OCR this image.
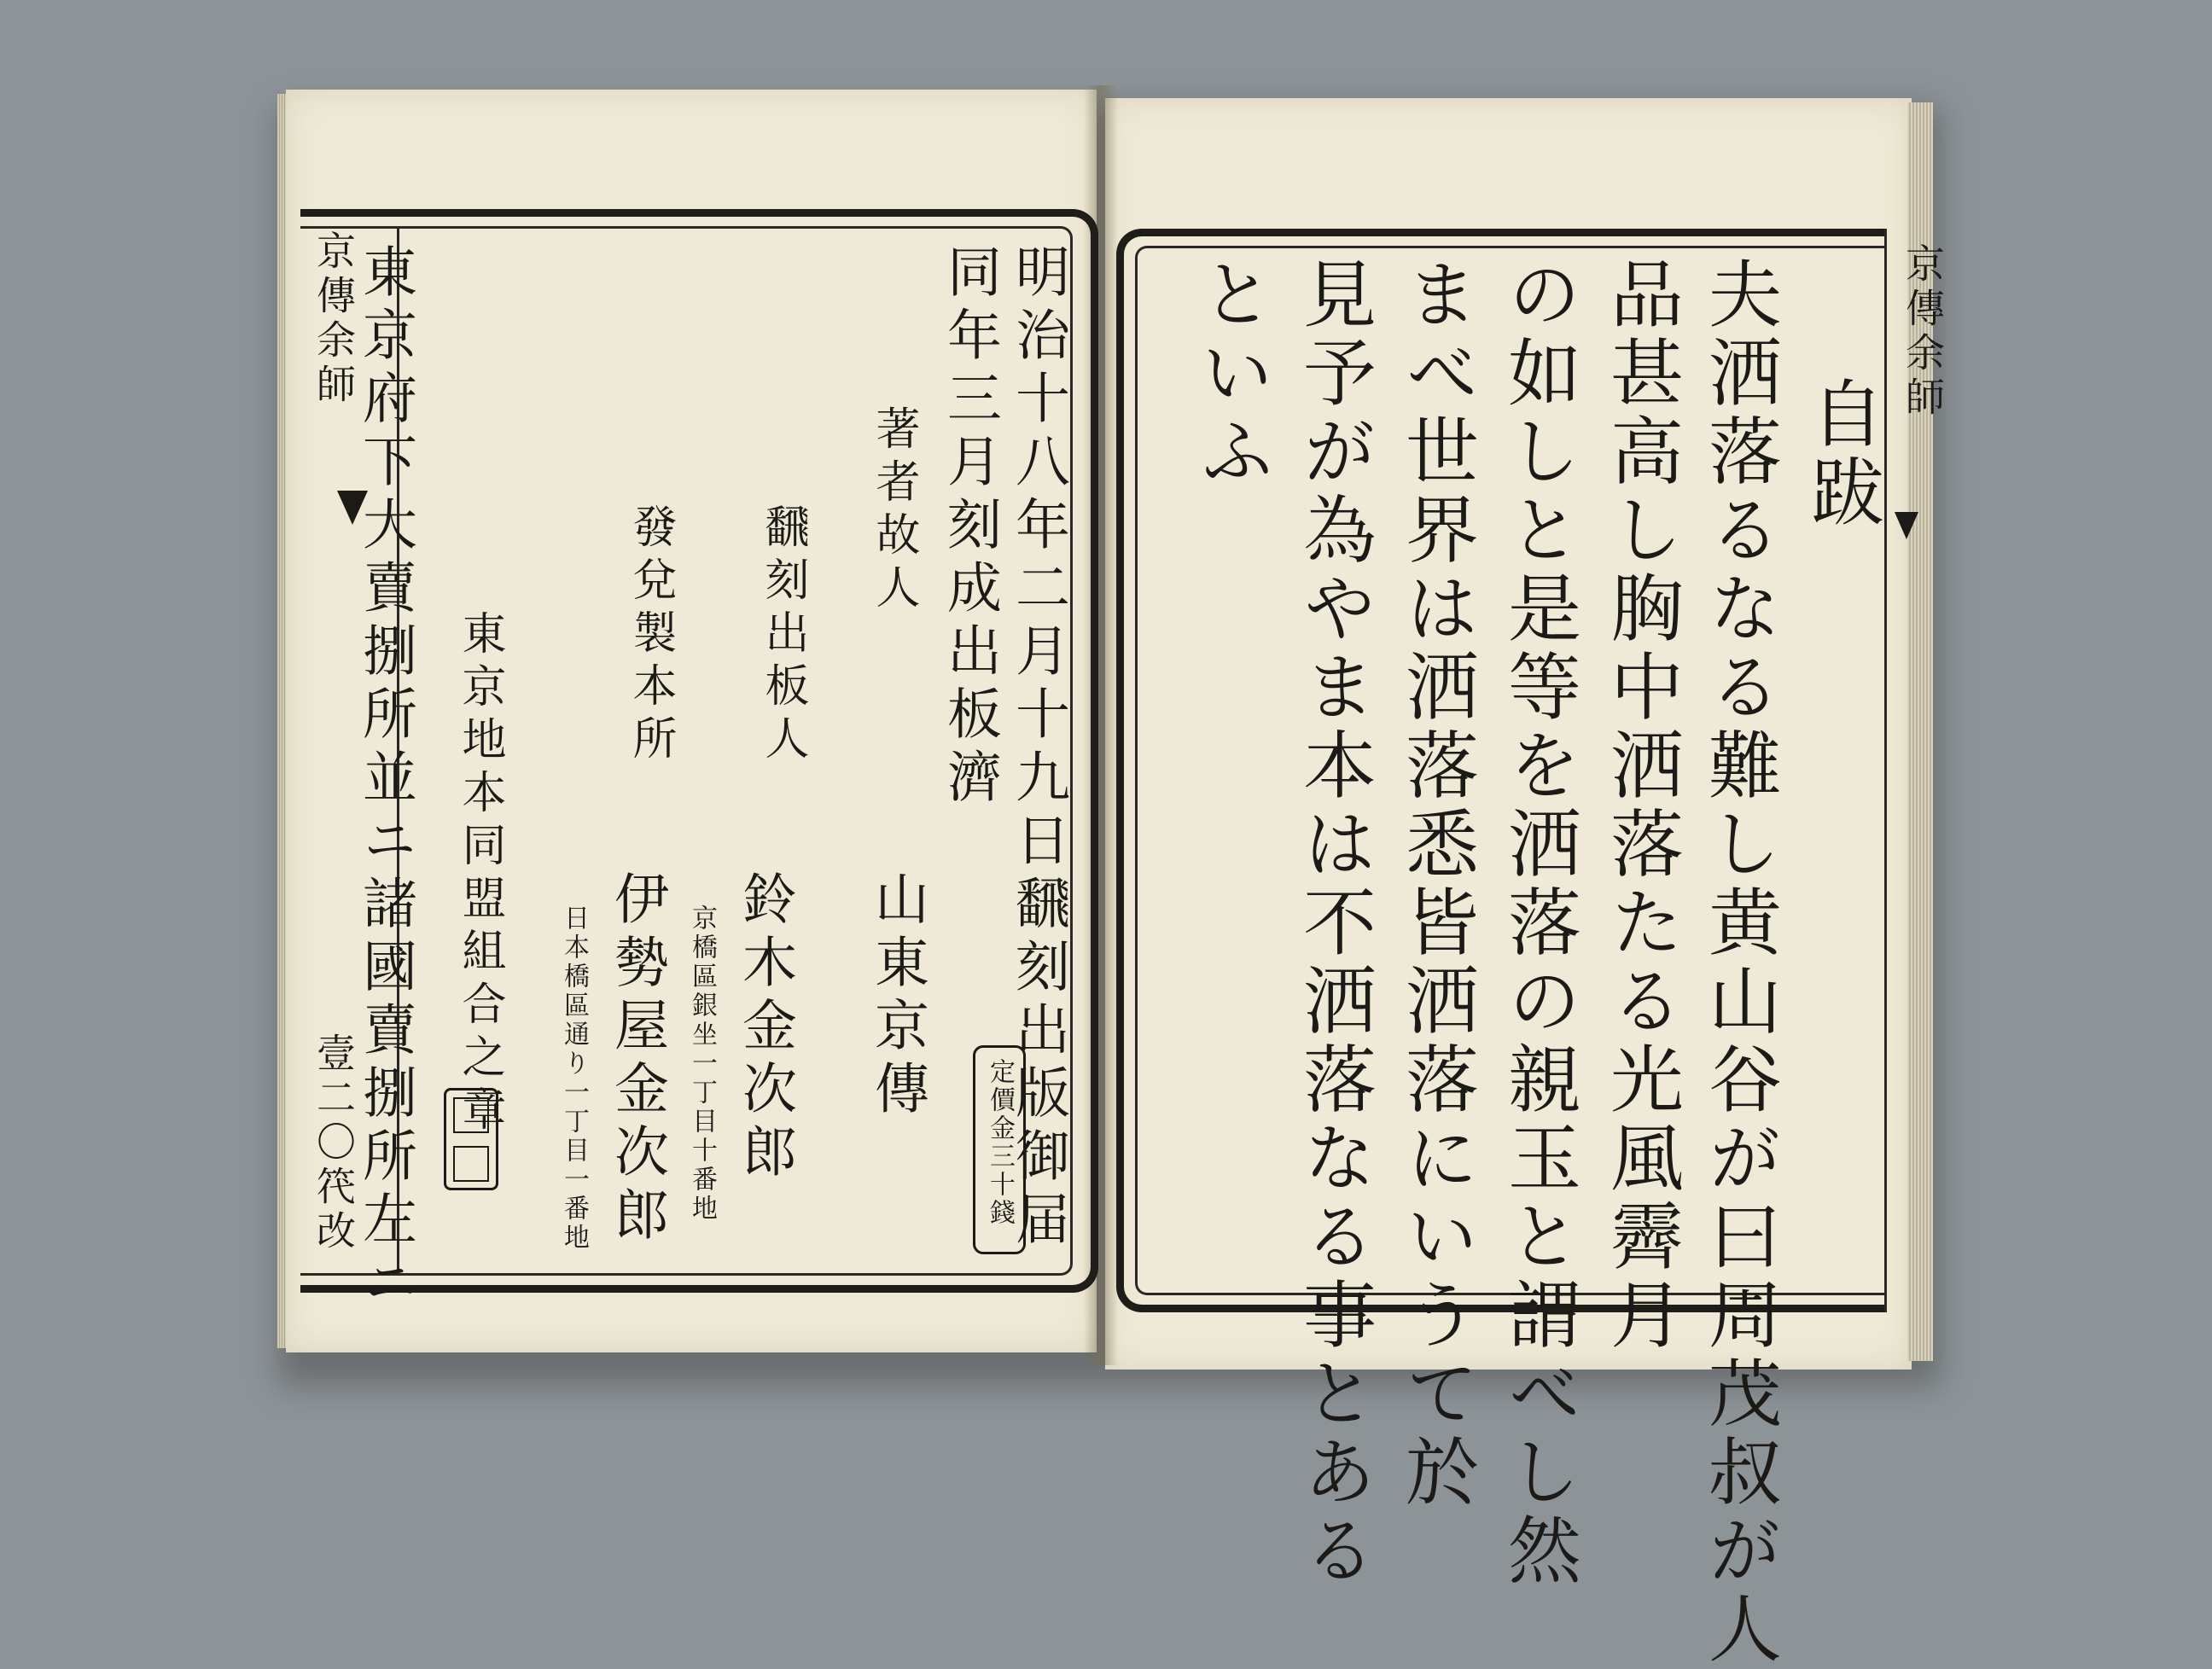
京傳余師
壹二〇笩改
東京府下大賣捌所並ニ諸國賣捌所左ニ 東京地本同盟組合之章	明治十八年二月十九日飜刻出版御届
同年三月刻成出板濟
定價金三十錢
著者故人
山東京傳
飜刻出板人
京橋區銀坐一丁目十番地 鈴木金次郎
發兌製本所
日本橋區通り一丁目一番地 伊勢屋金次郎
京傳余師
自跋
夫洒落るなる難し黄山谷が曰周茂叔が人
品甚高し胸中洒落たる光風霽月
の如しと是等を洒落の親玉と謂べし然
まべ世界は洒落悉皆洒落にいうて於
見予が為やま本は不洒落なる事とある
といふ
